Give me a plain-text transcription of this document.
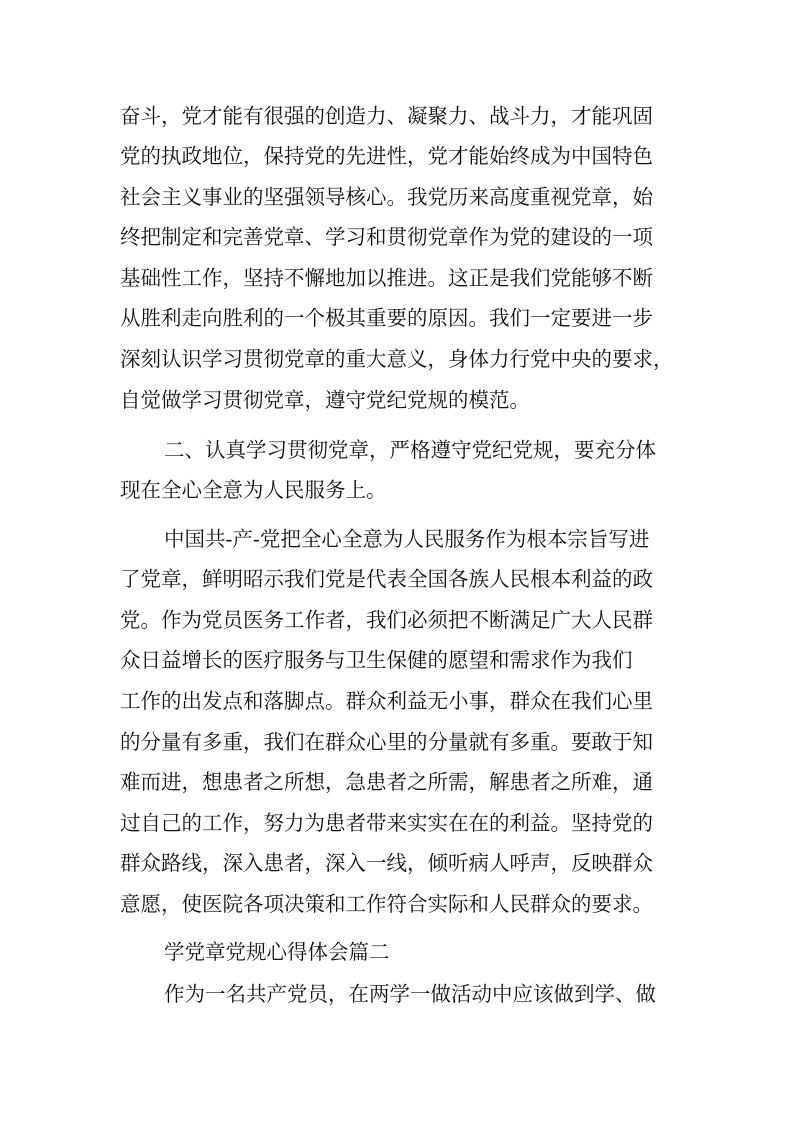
奋斗，党才能有很强的创造力、凝聚力、战斗力，才能巩固
党的执政地位，保持党的先进性，党才能始终成为中国特色
社会主义事业的坚强领导核心。我党历来高度重视党章，始
终把制定和完善党章、学习和贯彻党章作为党的建设的一项
基础性工作，坚持不懈地加以推进。这正是我们党能够不断
从胜利走向胜利的一个极其重要的原因。我们一定要进一步
深刻认识学习贯彻党章的重大意义，身体力行党中央的要求，
自觉做学习贯彻党章，遵守党纪党规的模范。
二、认真学习贯彻党章，严格遵守党纪党规，要充分体
现在全心全意为人民服务上。
中国共-产-党把全心全意为人民服务作为根本宗旨写进
了党章，鲜明昭示我们党是代表全国各族人民根本利益的政
党。作为党员医务工作者，我们必须把不断满足广大人民群
众日益增长的医疗服务与卫生保健的愿望和需求作为我们
工作的出发点和落脚点。群众利益无小事，群众在我们心里
的分量有多重，我们在群众心里的分量就有多重。要敢于知
难而进，想患者之所想，急患者之所需，解患者之所难，通
过自己的工作，努力为患者带来实实在在的利益。坚持党的
群众路线，深入患者，深入一线，倾听病人呼声，反映群众
意愿，使医院各项决策和工作符合实际和人民群众的要求。
学党章党规心得体会篇二
作为一名共产党员，在两学一做活动中应该做到学、做
